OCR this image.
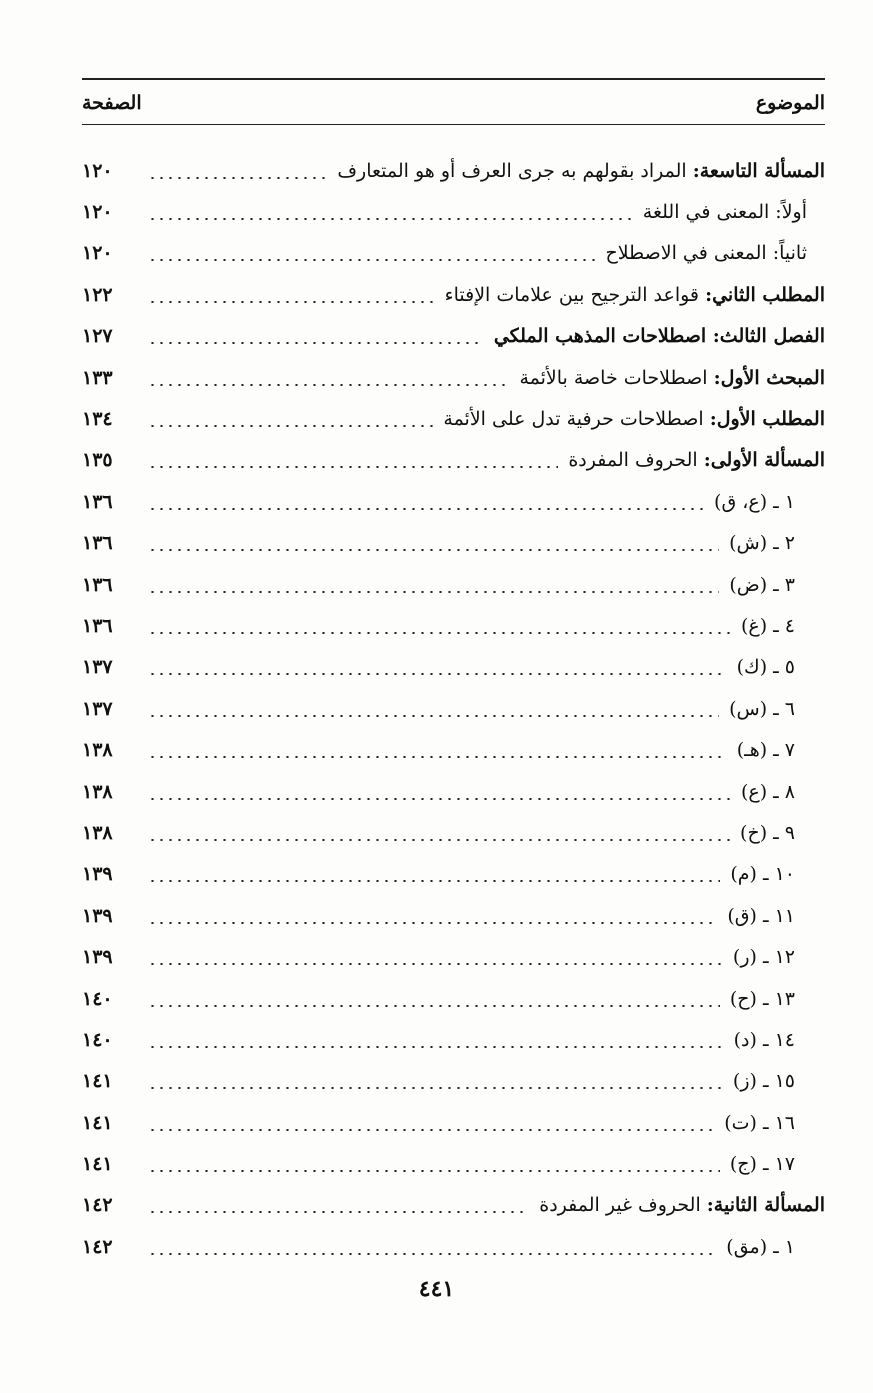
الموضوع
الصفحة
المسألة التاسعة: المراد بقولهم به جرى العرف أو هو المتعارف
١٢٠
أولاً: المعنى في اللغة
١٢٠
ثانياً: المعنى في الاصطلاح
١٢٠
المطلب الثاني: قواعد الترجيح بين علامات الإفتاء
١٢٢
الفصل الثالث: اصطلاحات المذهب الملكي
١٢٧
المبحث الأول: اصطلاحات خاصة بالأئمة
١٣٣
المطلب الأول: اصطلاحات حرفية تدل على الأئمة
١٣٤
المسألة الأولى: الحروف المفردة
١٣٥
١ ـ (ع، ق)
١٣٦
٢ ـ (ش)
١٣٦
٣ ـ (ض)
١٣٦
٤ ـ (غ)
١٣٦
٥ ـ (ك)
١٣٧
٦ ـ (س)
١٣٧
٧ ـ (هـ)
١٣٨
٨ ـ (ع)
١٣٨
٩ ـ (خ)
١٣٨
١٠ ـ (م)
١٣٩
١١ ـ (ق)
١٣٩
١٢ ـ (ر)
١٣٩
١٣ ـ (ح)
١٤٠
١٤ ـ (د)
١٤٠
١٥ ـ (ز)
١٤١
١٦ ـ (ت)
١٤١
١٧ ـ (ج)
١٤١
المسألة الثانية: الحروف غير المفردة
١٤٢
١ ـ (مق)
١٤٢
٤٤١
